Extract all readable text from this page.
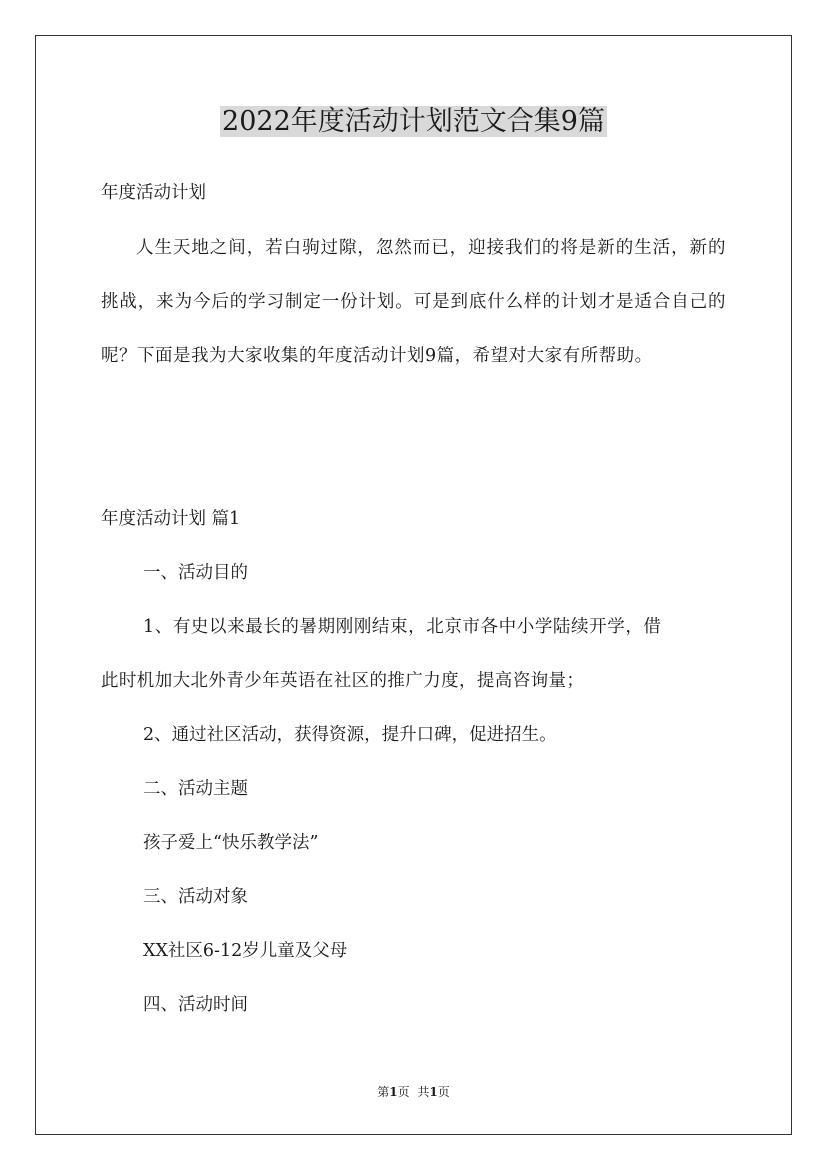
2022年度活动计划范文合集9篇

年度活动计划

人生天地之间，若白驹过隙，忽然而已，迎接我们的将是新的生活，新的挑战，来为今后的学习制定一份计划。可是到底什么样的计划才是适合自己的呢？下面是我为大家收集的年度活动计划9篇，希望对大家有所帮助。

年度活动计划 篇1

一、活动目的

1、有史以来最长的暑期刚刚结束，北京市各中小学陆续开学，借

此时机加大北外青少年英语在社区的推广力度，提高咨询量；

2、通过社区活动，获得资源，提升口碑，促进招生。

二、活动主题

孩子爱上“快乐教学法”

三、活动对象

XX社区6-12岁儿童及父母

四、活动时间

第1页 共1页
